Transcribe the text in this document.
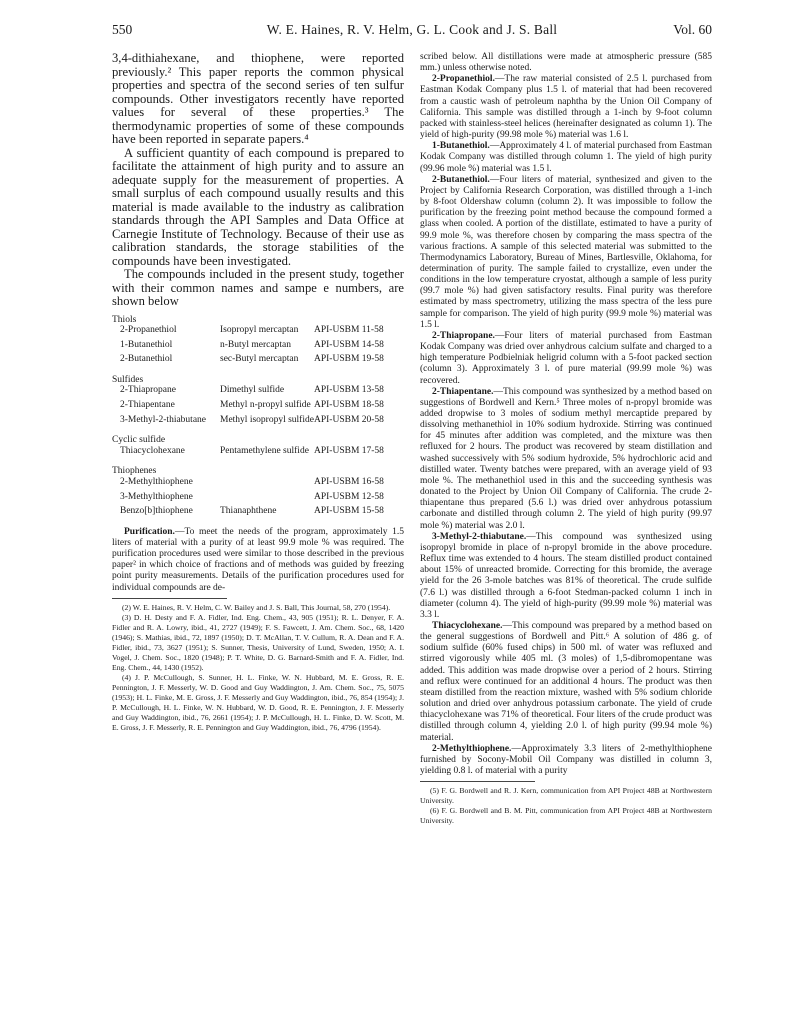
550	W. E. Haines, R. V. Helm, G. L. Cook and J. S. Ball	Vol. 60

3,4-dithiahexane, and thiophene, were reported previously.² This paper reports the common physical properties and spectra of the second series of ten sulfur compounds. Other investigators recently have reported values for several of these properties.³ The thermodynamic properties of some of these compounds have been reported in separate papers.⁴

A sufficient quantity of each compound is prepared to facilitate the attainment of high purity and to assure an adequate supply for the measurement of properties. A small surplus of each compound usually results and this material is made available to the industry as calibration standards through the API Samples and Data Office at Carnegie Institute of Technology. Because of their use as calibration standards, the storage stabilities of the compounds have been investigated.

The compounds included in the present study, together with their common names and sampe e numbers, are shown below

Thiols		
2-Propanethiol	Isopropyl mercaptan	API-USBM 11-58

1-Butanethiol	n-Butyl mercaptan	API-USBM 14-58

2-Butanethiol	sec-Butyl mercaptan	API-USBM 19-58

Sulfides		
2-Thiapropane	Dimethyl sulfide	API-USBM 13-58

2-Thiapentane	Methyl n-propyl sulfide	API-USBM 18-58

3-Methyl-2-thiabutane	Methyl isopropyl sulfide	API-USBM 20-58

Cyclic sulfide		
Thiacyclohexane	Pentamethylene sulfide	API-USBM 17-58

Thiophenes		
2-Methylthiophene		API-USBM 16-58

3-Methylthiophene		API-USBM 12-58

Benzo[b]thiophene	Thianaphthene	API-USBM 15-58

Purification.—To meet the needs of the program, approximately 1.5 liters of material with a purity of at least 99.9 mole % was required. The purification procedures used were similar to those described in the previous paper² in which choice of fractions and of methods was guided by freezing point purity measurements. Details of the purification procedures used for individual compounds are de-

(2) W. E. Haines, R. V. Helm, C. W. Bailey and J. S. Ball, This Journal, 58, 270 (1954).

(3) D. H. Desty and F. A. Fidler, Ind. Eng. Chem., 43, 905 (1951); R. L. Denyer, F. A. Fidler and R. A. Lowry, ibid., 41, 2727 (1949); F. S. Fawcett, J. Am. Chem. Soc., 68, 1420 (1946); S. Mathias, ibid., 72, 1897 (1950); D. T. McAllan, T. V. Cullum, R. A. Dean and F. A. Fidler, ibid., 73, 3627 (1951); S. Sunner, Thesis, University of Lund, Sweden, 1950; A. I. Vogel, J. Chem. Soc., 1820 (1948); P. T. White, D. G. Barnard-Smith and F. A. Fidler, Ind. Eng. Chem., 44, 1430 (1952).

(4) J. P. McCullough, S. Sunner, H. L. Finke, W. N. Hubbard, M. E. Gross, R. E. Pennington, J. F. Messerly, W. D. Good and Guy Waddington, J. Am. Chem. Soc., 75, 5075 (1953); H. L. Finke, M. E. Gross, J. F. Messerly and Guy Waddington, ibid., 76, 854 (1954); J. P. McCullough, H. L. Finke, W. N. Hubbard, W. D. Good, R. E. Pennington, J. F. Messerly and Guy Waddington, ibid., 76, 2661 (1954); J. P. McCullough, H. L. Finke, D. W. Scott, M. E. Gross, J. F. Messerly, R. E. Pennington and Guy Waddington, ibid., 76, 4796 (1954).

scribed below. All distillations were made at atmospheric pressure (585 mm.) unless otherwise noted.

2-Propanethiol.—The raw material consisted of 2.5 l. purchased from Eastman Kodak Company plus 1.5 l. of material that had been recovered from a caustic wash of petroleum naphtha by the Union Oil Company of California. This sample was distilled through a 1-inch by 9-foot column packed with stainless-steel helices (hereinafter designated as column 1). The yield of high-purity (99.98 mole %) material was 1.6 l.

1-Butanethiol.—Approximately 4 l. of material purchased from Eastman Kodak Company was distilled through column 1. The yield of high purity (99.96 mole %) material was 1.5 l.

2-Butanethiol.—Four liters of material, synthesized and given to the Project by California Research Corporation, was distilled through a 1-inch by 8-foot Oldershaw column (column 2). It was impossible to follow the purification by the freezing point method because the compound formed a glass when cooled. A portion of the distillate, estimated to have a purity of 99.9 mole %, was therefore chosen by comparing the mass spectra of the various fractions. A sample of this selected material was submitted to the Thermodynamics Laboratory, Bureau of Mines, Bartlesville, Oklahoma, for determination of purity. The sample failed to crystallize, even under the conditions in the low temperature cryostat, although a sample of less purity (99.7 mole %) had given satisfactory results. Final purity was therefore estimated by mass spectrometry, utilizing the mass spectra of the less pure sample for comparison. The yield of high purity (99.9 mole %) material was 1.5 l.

2-Thiapropane.—Four liters of material purchased from Eastman Kodak Company was dried over anhydrous calcium sulfate and charged to a high temperature Podbielniak heligrid column with a 5-foot packed section (column 3). Approximately 3 l. of pure material (99.99 mole %) was recovered.

2-Thiapentane.—This compound was synthesized by a method based on suggestions of Bordwell and Kern.⁵ Three moles of n-propyl bromide was added dropwise to 3 moles of sodium methyl mercaptide prepared by dissolving methanethiol in 10% sodium hydroxide. Stirring was continued for 45 minutes after addition was completed, and the mixture was then refluxed for 2 hours. The product was recovered by steam distillation and washed successively with 5% sodium hydroxide, 5% hydrochloric acid and distilled water. Twenty batches were prepared, with an average yield of 93 mole %. The methanethiol used in this and the succeeding synthesis was donated to the Project by Union Oil Company of California. The crude 2-thiapentane thus prepared (5.6 l.) was dried over anhydrous potassium carbonate and distilled through column 2. The yield of high purity (99.97 mole %) material was 2.0 l.

3-Methyl-2-thiabutane.—This compound was synthesized using isopropyl bromide in place of n-propyl bromide in the above procedure. Reflux time was extended to 4 hours. The steam distilled product contained about 15% of unreacted bromide. Correcting for this bromide, the average yield for the 26 3-mole batches was 81% of theoretical. The crude sulfide (7.6 l.) was distilled through a 6-foot Stedman-packed column 1 inch in diameter (column 4). The yield of high-purity (99.99 mole %) material was 3.3 l.

Thiacyclohexane.—This compound was prepared by a method based on the general suggestions of Bordwell and Pitt.⁶ A solution of 486 g. of sodium sulfide (60% fused chips) in 500 ml. of water was refluxed and stirred vigorously while 405 ml. (3 moles) of 1,5-dibromopentane was added. This addition was made dropwise over a period of 2 hours. Stirring and reflux were continued for an additional 4 hours. The product was then steam distilled from the reaction mixture, washed with 5% sodium chloride solution and dried over anhydrous potassium carbonate. The yield of crude thiacyclohexane was 71% of theoretical. Four liters of the crude product was distilled through column 4, yielding 2.0 l. of high purity (99.94 mole %) material.

2-Methylthiophene.—Approximately 3.3 liters of 2-methylthiophene furnished by Socony-Mobil Oil Company was distilled in column 3, yielding 0.8 l. of material with a purity

(5) F. G. Bordwell and R. J. Kern, communication from API Project 48B at Northwestern University.

(6) F. G. Bordwell and B. M. Pitt, communication from API Project 48B at Northwestern University.
